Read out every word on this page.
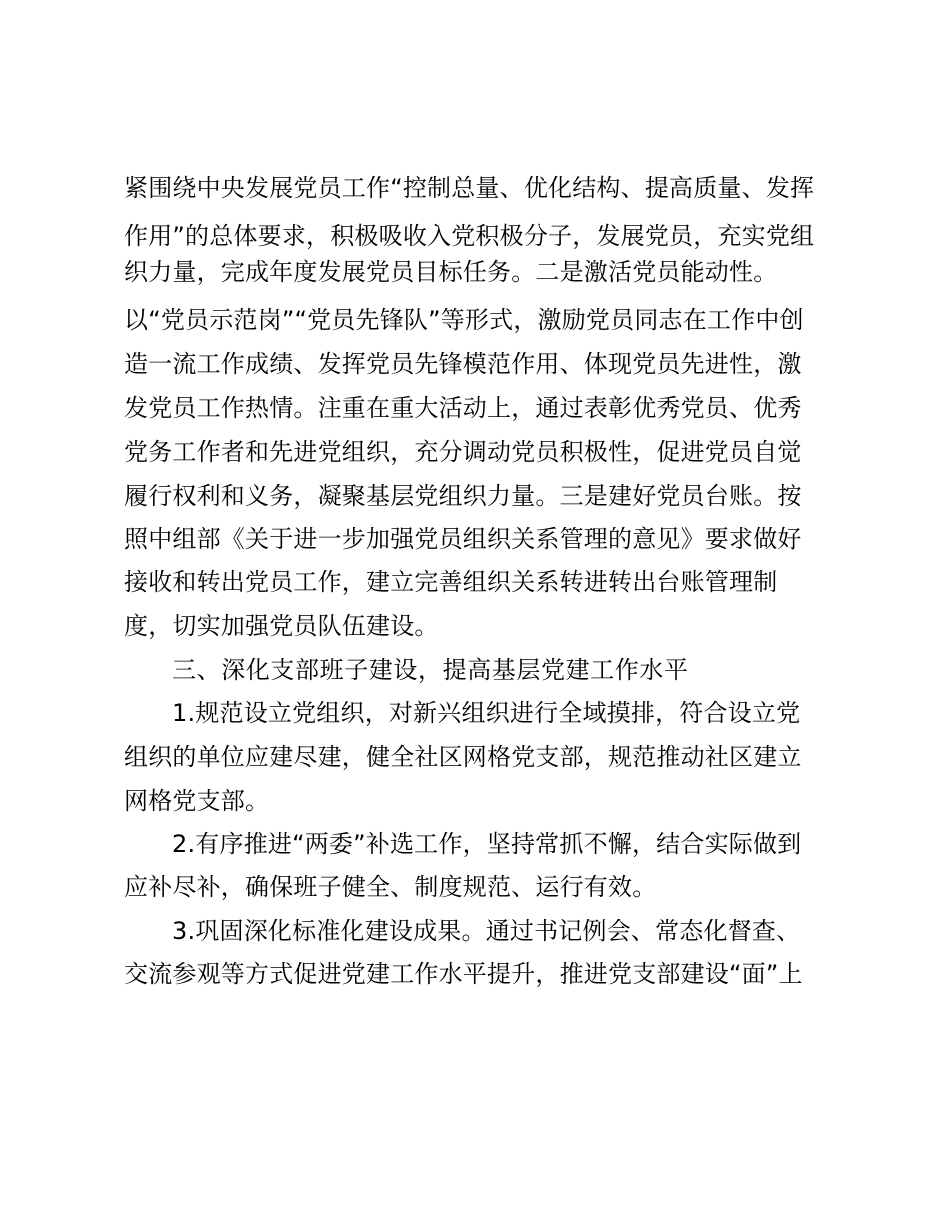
紧围绕中央发展党员工作“控制总量、优化结构、提高质量、发挥
作用”的总体要求，积极吸收入党积极分子，发展党员，充实党组
织力量，完成年度发展党员目标任务。二是激活党员能动性。
以“党员示范岗”“党员先锋队”等形式，激励党员同志在工作中创
造一流工作成绩、发挥党员先锋模范作用、体现党员先进性，激
发党员工作热情。注重在重大活动上，通过表彰优秀党员、优秀
党务工作者和先进党组织，充分调动党员积极性，促进党员自觉
履行权利和义务，凝聚基层党组织力量。三是建好党员台账。按
照中组部《关于进一步加强党员组织关系管理的意见》要求做好
接收和转出党员工作，建立完善组织关系转进转出台账管理制
度，切实加强党员队伍建设。
三、深化支部班子建设，提高基层党建工作水平
1.规范设立党组织，对新兴组织进行全域摸排，符合设立党
组织的单位应建尽建，健全社区网格党支部，规范推动社区建立
网格党支部。
2.有序推进“两委”补选工作，坚持常抓不懈，结合实际做到
应补尽补，确保班子健全、制度规范、运行有效。
3.巩固深化标准化建设成果。通过书记例会、常态化督查、
交流参观等方式促进党建工作水平提升，推进党支部建设“面”上
